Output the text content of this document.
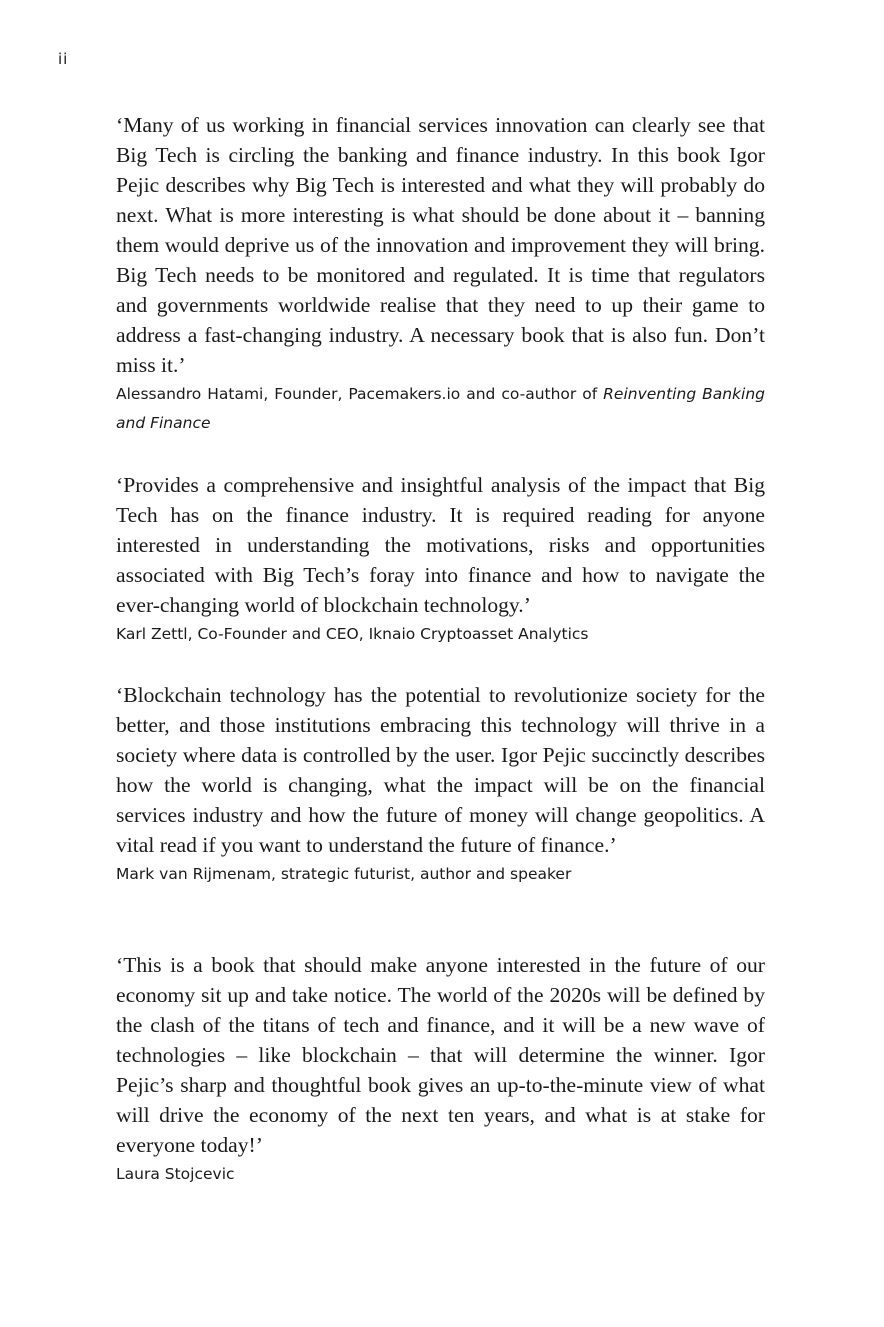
ii

‘Many of us working in financial services innovation can clearly see that Big Tech is circling the banking and finance industry. In this book Igor Pejic describes why Big Tech is interested and what they will probably do next. What is more interesting is what should be done about it – banning them would deprive us of the innovation and improvement they will bring. Big Tech needs to be monitored and regulated. It is time that regulators and governments worldwide realise that they need to up their game to address a fast-changing industry. A necessary book that is also fun. Don’t miss it.’

Alessandro Hatami, Founder, Pacemakers.io and co-author of Reinventing Banking and Finance

‘Provides a comprehensive and insightful analysis of the impact that Big Tech has on the finance industry. It is required reading for anyone interested in understanding the motivations, risks and opportunities associated with Big Tech’s foray into finance and how to navigate the ever-changing world of blockchain technology.’

Karl Zettl, Co-Founder and CEO, Iknaio Cryptoasset Analytics

‘Blockchain technology has the potential to revolutionize society for the better, and those institutions embracing this technology will thrive in a society where data is controlled by the user. Igor Pejic succinctly describes how the world is changing, what the impact will be on the financial services industry and how the future of money will change geopolitics. A vital read if you want to understand the future of finance.’

Mark van Rijmenam, strategic futurist, author and speaker

‘This is a book that should make anyone interested in the future of our economy sit up and take notice. The world of the 2020s will be defined by the clash of the titans of tech and finance, and it will be a new wave of technologies – like blockchain – that will determine the winner. Igor Pejic’s sharp and thoughtful book gives an up-to-the-minute view of what will drive the economy of the next ten years, and what is at stake for everyone today!’

Laura Stojcevic
